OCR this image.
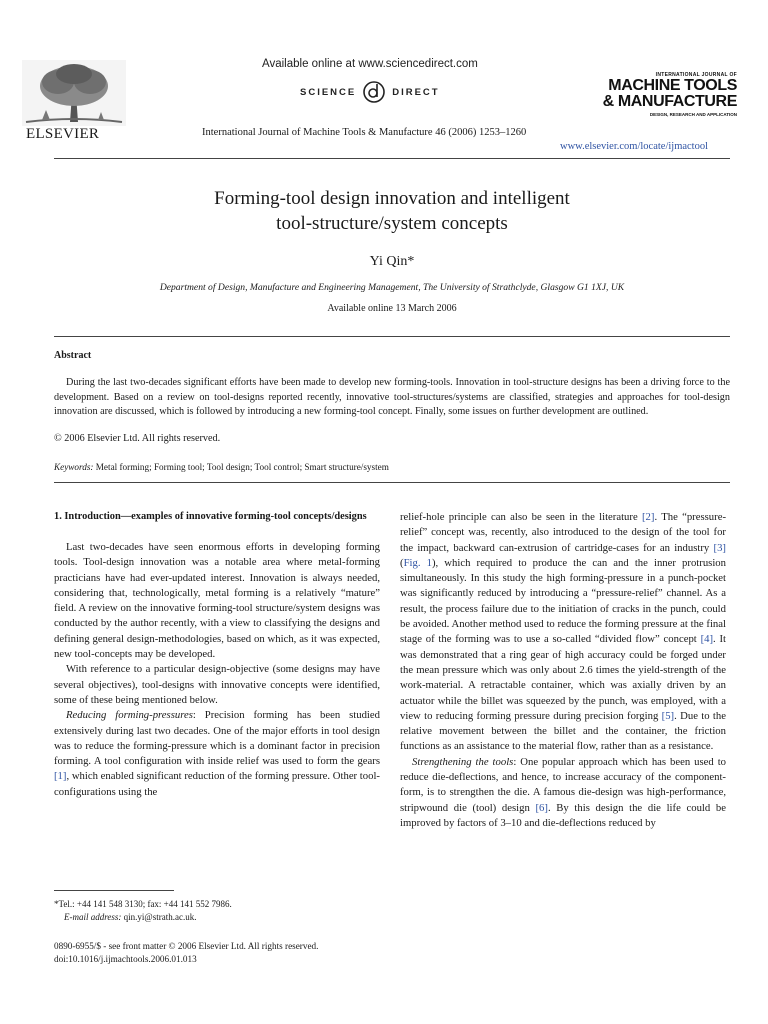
ELSEVIER
Available online at www.sciencedirect.com
SCIENCE	DIRECT
International Journal of Machine Tools & Manufacture 46 (2006) 1253–1260
INTERNATIONAL JOURNAL OF
MACHINE TOOLS
& MANUFACTURE
DESIGN, RESEARCH AND APPLICATION
www.elsevier.com/locate/ijmactool
Forming-tool design innovation and intelligent
tool-structure/system concepts
Yi Qin*
Department of Design, Manufacture and Engineering Management, The University of Strathclyde, Glasgow G1 1XJ, UK
Available online 13 March 2006
Abstract
During the last two-decades significant efforts have been made to develop new forming-tools. Innovation in tool-structure designs has been a driving force to the development. Based on a review on tool-designs reported recently, innovative tool-structures/systems are classified, strategies and approaches for tool-design innovation are discussed, which is followed by introducing a new forming-tool concept. Finally, some issues on further development are outlined.
© 2006 Elsevier Ltd. All rights reserved.
Keywords: Metal forming; Forming tool; Tool design; Tool control; Smart structure/system

1. Introduction—examples of innovative forming-tool concepts/designs

Last two-decades have seen enormous efforts in developing forming tools. Tool-design innovation was a notable area where metal-forming practicians have had ever-updated interest. Innovation is always needed, considering that, technologically, metal forming is a relatively “mature” field. A review on the innovative forming-tool structure/system designs was conducted by the author recently, with a view to classifying the designs and defining general design-methodologies, based on which, as it was expected, new tool-concepts may be developed.

With reference to a particular design-objective (some designs may have several objectives), tool-designs with innovative concepts were identified, some of these being mentioned below.

Reducing forming-pressures: Precision forming has been studied extensively during last two decades. One of the major efforts in tool design was to reduce the forming-pressure which is a dominant factor in precision forming. A tool configuration with inside relief was used to form the gears [1], which enabled significant reduction of the forming pressure. Other tool-configurations using the

relief-hole principle can also be seen in the literature [2]. The “pressure-relief” concept was, recently, also introduced to the design of the tool for the impact, backward can-extrusion of cartridge-cases for an industry [3] (Fig. 1), which required to produce the can and the inner protrusion simultaneously. In this study the high forming-pressure in a punch-pocket was significantly reduced by introducing a “pressure-relief” channel. As a result, the process failure due to the initiation of cracks in the punch, could be avoided. Another method used to reduce the forming pressure at the final stage of the forming was to use a so-called “divided flow” concept [4]. It was demonstrated that a ring gear of high accuracy could be forged under the mean pressure which was only about 2.6 times the yield-strength of the work-material. A retractable container, which was axially driven by an actuator while the billet was squeezed by the punch, was employed, with a view to reducing forming pressure during precision forging [5]. Due to the relative movement between the billet and the container, the friction functions as an assistance to the material flow, rather than as a resistance.

Strengthening the tools: One popular approach which has been used to reduce die-deflections, and hence, to increase accuracy of the component-form, is to strengthen the die. A famous die-design was high-performance, stripwound die (tool) design [6]. By this design the die life could be improved by factors of 3–10 and die-deflections reduced by

*Tel.: +44 141 548 3130; fax: +44 141 552 7986.
E-mail address: qin.yi@strath.ac.uk.
0890-6955/$ - see front matter © 2006 Elsevier Ltd. All rights reserved.
doi:10.1016/j.ijmachtools.2006.01.013
